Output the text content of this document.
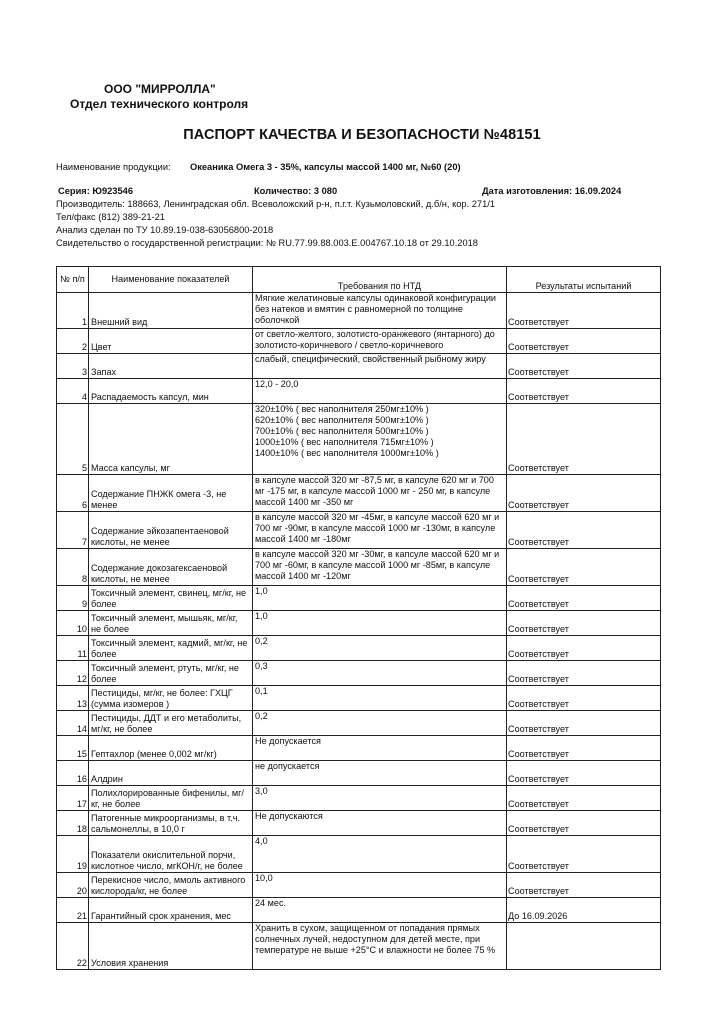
ООО "МИРРОЛЛА"
Отдел технического контроля
ПАСПОРТ КАЧЕСТВА И БЕЗОПАСНОСТИ №48151
Наименование продукции: Океаника Омега 3 - 35%, капсулы массой 1400 мг, №60 (20)
Серия: Ю923546	Количество: 3 080	Дата изготовления: 16.09.2024
Производитель: 188663, Ленинградская обл. Всеволожский р-н, п.г.т. Кузьмоловский, д.б/н, кор. 271/1
Тел/факс (812) 389-21-21
Анализ сделан по ТУ 10.89.19-038-63056800-2018
Свидетельство о государственной регистрации: № RU.77.99.88.003.Е.004767.10.18 от 29.10.2018
№ п/п	Наименование показателей	Требования по НТД	Результаты испытаний
1	Внешний вид	Мягкие желатиновые капсулы одинаковой конфигурации без натеков и вмятин с равномерной по толщине оболочкой	Соответствует
2	Цвет	от светло-желтого, золотисто-оранжевого (янтарного) до золотисто-коричневого / светло-коричневого	Соответствует
3	Запах	слабый, специфический, свойственный рыбному жиру	Соответствует
4	Распадаемость капсул, мин	12,0 - 20,0	Соответствует
5	Масса капсулы, мг	320±10% ( вес наполнителя 250мг±10% )
620±10% ( вес наполнителя 500мг±10% )
700±10% ( вес наполнителя 500мг±10% )
1000±10% ( вес наполнителя 715мг±10% )
1400±10% ( вес наполнителя 1000мг±10% )	Соответствует
6	Содержание ПНЖК омега -3, не менее	в капсуле массой 320 мг -87,5 мг, в капсуле 620 мг и 700 мг -175 мг, в капсуле массой 1000 мг - 250 мг, в капсуле массой 1400 мг -350 мг	Соответствует
7	Содержание эйкозапентаеновой кислоты, не менее	в капсуле массой 320 мг -45мг, в капсуле массой 620 мг и 700 мг -90мг, в капсуле массой 1000 мг -130мг, в капсуле массой 1400 мг -180мг	Соответствует
8	Содержание докозагексаеновой кислоты, не менее	в капсуле массой 320 мг -30мг, в капсуле массой 620 мг и 700 мг -60мг, в капсуле массой 1000 мг -85мг, в капсуле массой 1400 мг -120мг	Соответствует
9	Токсичный элемент, свинец, мг/кг, не более	1,0	Соответствует
10	Токсичный элемент, мышьяк, мг/кг, не более	1,0	Соответствует
11	Токсичный элемент, кадмий, мг/кг, не более	0,2	Соответствует
12	Токсичный элемент, ртуть, мг/кг, не более	0,3	Соответствует
13	Пестициды, мг/кг, не более: ГХЦГ (сумма изомеров )	0,1	Соответствует
14	Пестициды, ДДТ и его метаболиты, мг/кг, не более	0,2	Соответствует
15	Гептахлор (менее 0,002 мг/кг)	Не допускается	Соответствует
16	Алдрин	не допускается	Соответствует
17	Полихлорированные бифенилы, мг/кг, не более	3,0	Соответствует
18	Патогенные микроорганизмы, в т.ч. сальмонеллы, в 10,0 г	Не допускаются	Соответствует
19	Показатели окислительной порчи, кислотное число, мгКОН/г, не более	4,0	Соответствует
20	Перекисное число, ммоль активного кислорода/кг, не более	10,0	Соответствует
21	Гарантийный срок хранения, мес	24 мес.	До 16.09.2026
22	Условия хранения	Хранить в сухом, защищенном от попадания прямых солнечных лучей, недоступном для детей месте, при температуре не выше +25°С и влажности не более 75 %	
